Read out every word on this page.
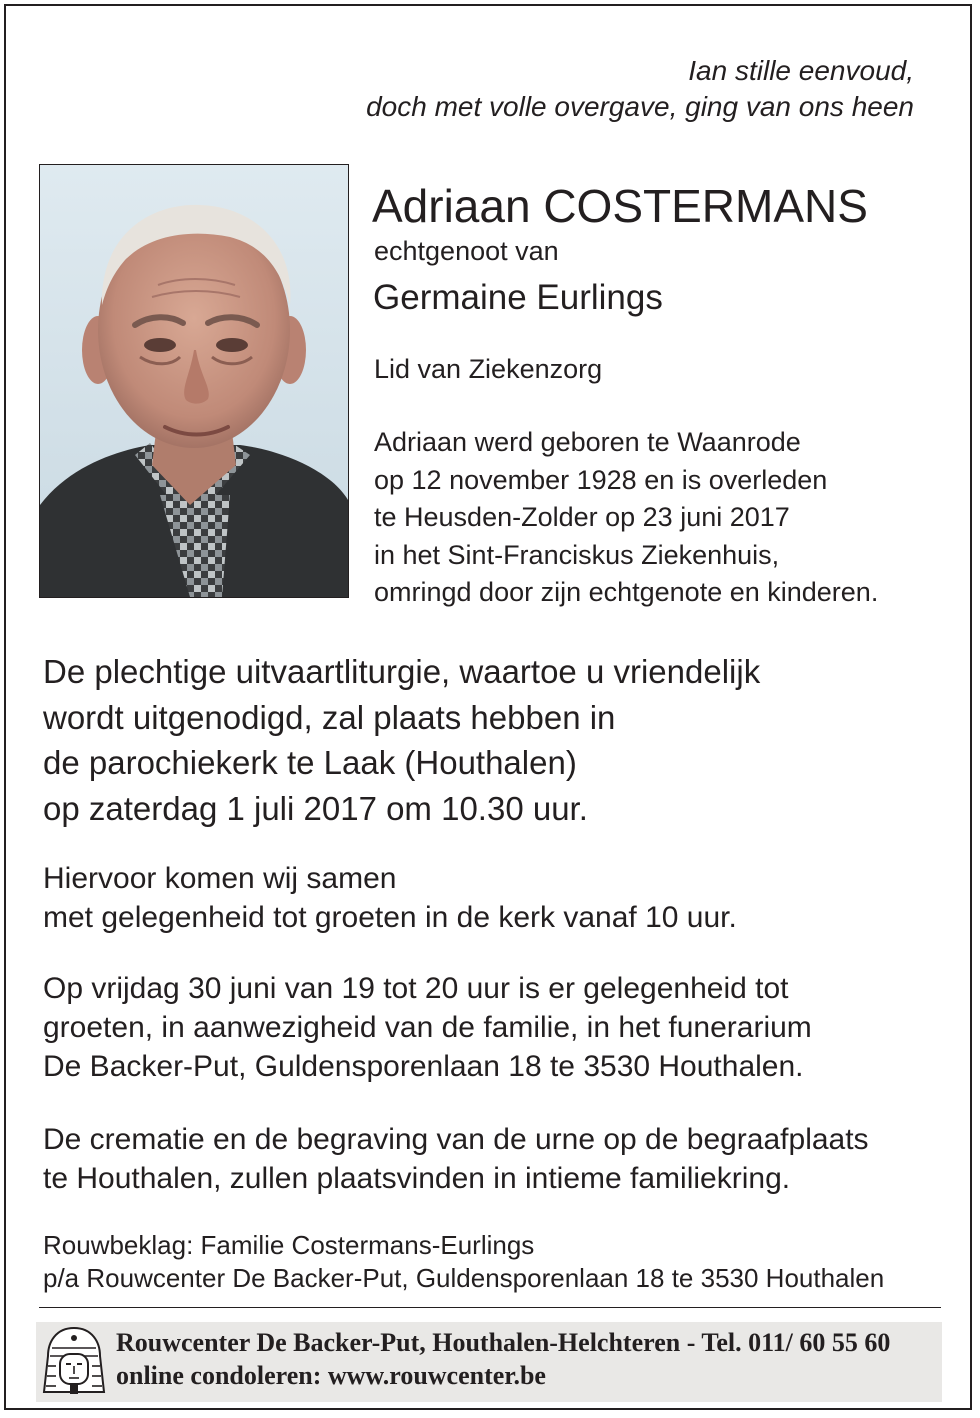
Ian stille eenvoud,
doch met volle overgave, ging van ons heen
Adriaan COSTERMANS
echtgenoot van
Germaine Eurlings
Lid van Ziekenzorg
Adriaan werd geboren te Waanrode
op 12 november 1928 en is overleden
te Heusden-Zolder op 23 juni 2017
in het Sint-Franciskus Ziekenhuis,
omringd door zijn echtgenote en kinderen.
De plechtige uitvaartliturgie, waartoe u vriendelijk
wordt uitgenodigd, zal plaats hebben in
de parochiekerk te Laak (Houthalen)
op zaterdag 1 juli 2017 om 10.30 uur.
Hiervoor komen wij samen
met gelegenheid tot groeten in de kerk vanaf 10 uur.
Op vrijdag 30 juni van 19 tot 20 uur is er gelegenheid tot
groeten, in aanwezigheid van de familie, in het funerarium
De Backer-Put, Guldensporenlaan 18 te 3530 Houthalen.
De crematie en de begraving van de urne op de begraafplaats
te Houthalen, zullen plaatsvinden in intieme familiekring.
Rouwbeklag: Familie Costermans-Eurlings
p/a Rouwcenter De Backer-Put, Guldensporenlaan 18 te 3530 Houthalen
Rouwcenter De Backer-Put, Houthalen-Helchteren - Tel. 011/ 60 55 60
online condoleren: www.rouwcenter.be
